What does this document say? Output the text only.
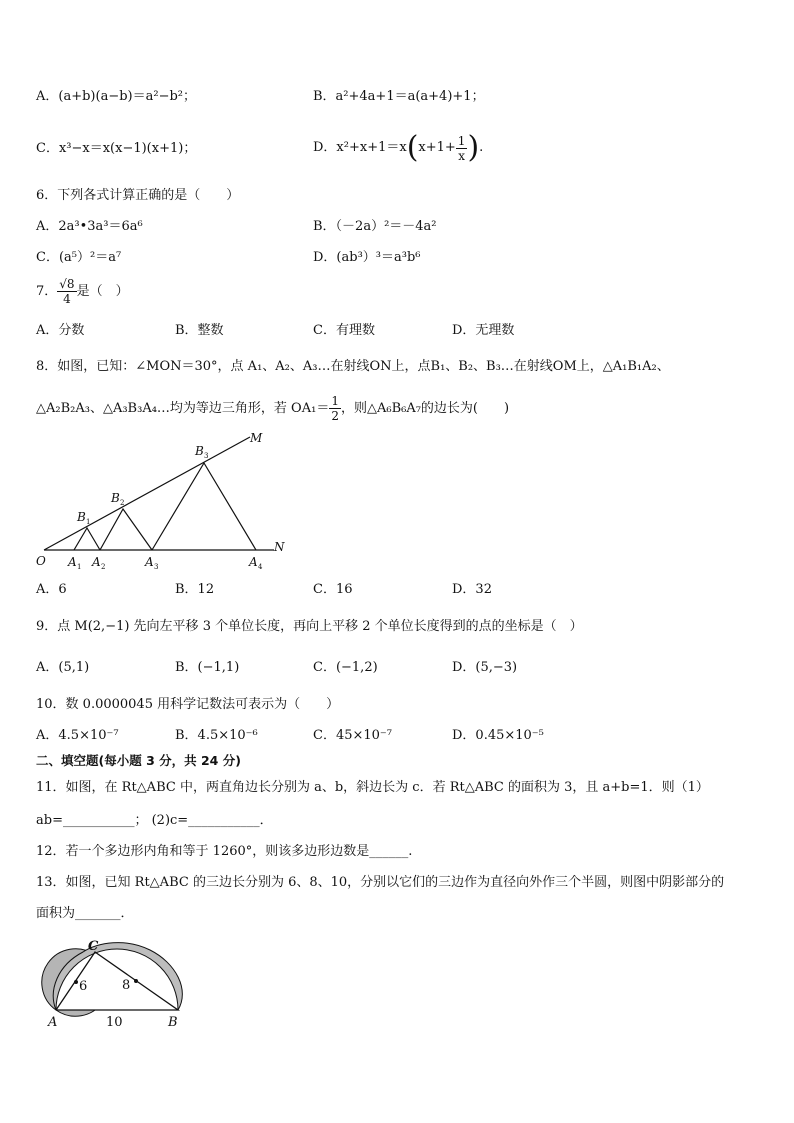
A．(a+b)(a−b)＝a²−b²；	B．a²+4a+1＝a(a+4)+1；
C．x³−x＝x(x−1)(x+1)；	D．$x^2+x+1=x(x+1+ \frac{1}{x}$ ).
6．下列各式计算正确的是（　　）
A．2a³•3a³＝6a⁶	B．（－2a）²＝－4a²
C．(a⁵）²＝a⁷	D．(ab³）³＝a³b⁶
7． $\frac{√8}{4}$ 是（　）
A．分数	B．整数	C．有理数	D．无理数
8．如图，已知：∠MON＝30°，点 A₁、A₂、A₃…在射线ON上，点B₁、B₂、B₃…在射线OM上，△A₁B₁A₂、
△A₂B₂A₃、△A₃B₃A₄…均为等边三角形，若 $OA_1= \frac{1}{2}$ ，则△A₆B₆A₇的边长为(　　)
O A 1 A 2	A 3	A 4
B 1
B 2
B 3
M
N
A．6	B．12	C．16	D．32
9．点 M(2,−1) 先向左平移 3 个单位长度，再向上平移 2 个单位长度得到的点的坐标是（　）
A．(5,1)	B．(−1,1)	C．(−1,2)	D．(5,−3)
10．数 0.0000045 用科学记数法可表示为（　　）
A．4.5×10⁻⁷	B．4.5×10⁻⁶	C．45×10⁻⁷	D．0.45×10⁻⁵
二、填空题(每小题 3 分，共 24 分)
11．如图，在 Rt△ABC 中，两直角边长分别为 a、b，斜边长为 c．若 Rt△ABC 的面积为 3，且 a+b=1．则（1）
ab=___________； (2)c=___________．
12．若一个多边形内角和等于 1260°，则该多边形边数是______.
13．如图，已知 Rt△ABC 的三边长分别为 6、8、10，分别以它们的三边作为直径向外作三个半圆，则图中阴影部分的
面积为_______．
C
A	B
6	8
10
